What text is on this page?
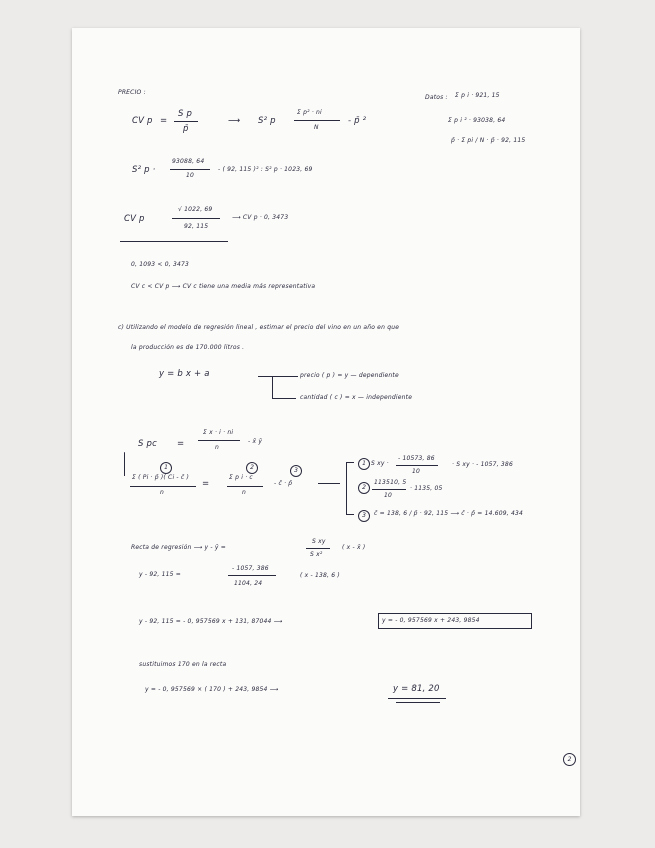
PRECIO :
Datos : Σ p i · 921, 15
Σ p i ² · 93038, 64
p̄ · Σ pi / N · p̄ · 92, 115
CV p =
S p
p̄
⟶ S² p
Σ p² · ni
N
- p̄ ²
S² p ·
93088, 64
10
- ( 92, 115 )² : S² p · 1023, 69
CV p
√ 1022, 69
92, 115
⟶ CV p · 0, 3473
0, 1093 < 0, 3473
CV c < CV p ⟶ CV c tiene una media más representativa
c) Utilizando el modelo de regresión lineal , estimar el precio del vino en un año en que
la producción es de 170.000 litros .
y = b x + a	precio ( p ) = y — dependiente
cantidad ( c ) = x — independiente
S pc =
Σ x · i · ni
n
- x̄ ȳ
1	2	3
Σ ( Pi · p̄ )( Ci - c̄ )
n
=
Σ p i · c
n
- c̄ · p̄
1 S xy ·
- 10573, 86
10
· S xy · - 1057, 386
2
113510, 5
10
· 1135, 05
3	c̄ = 138, 6 / p̄ · 92, 115 ⟶ c̄ · p̄ = 14.609, 434
Recta de regresión ⟶ y - ȳ =
S xy
S x²
( x - x̄ )
y - 92, 115 =
- 1057, 386
1104, 24
( x - 138, 6 )
y - 92, 115 = - 0, 957569 x + 131, 87044 ⟶	y = - 0, 957569 x + 243, 9854
sustituimos 170 en la recta
y = - 0, 957569 × ( 170 ) + 243, 9854 ⟶	y = 81, 20
2
